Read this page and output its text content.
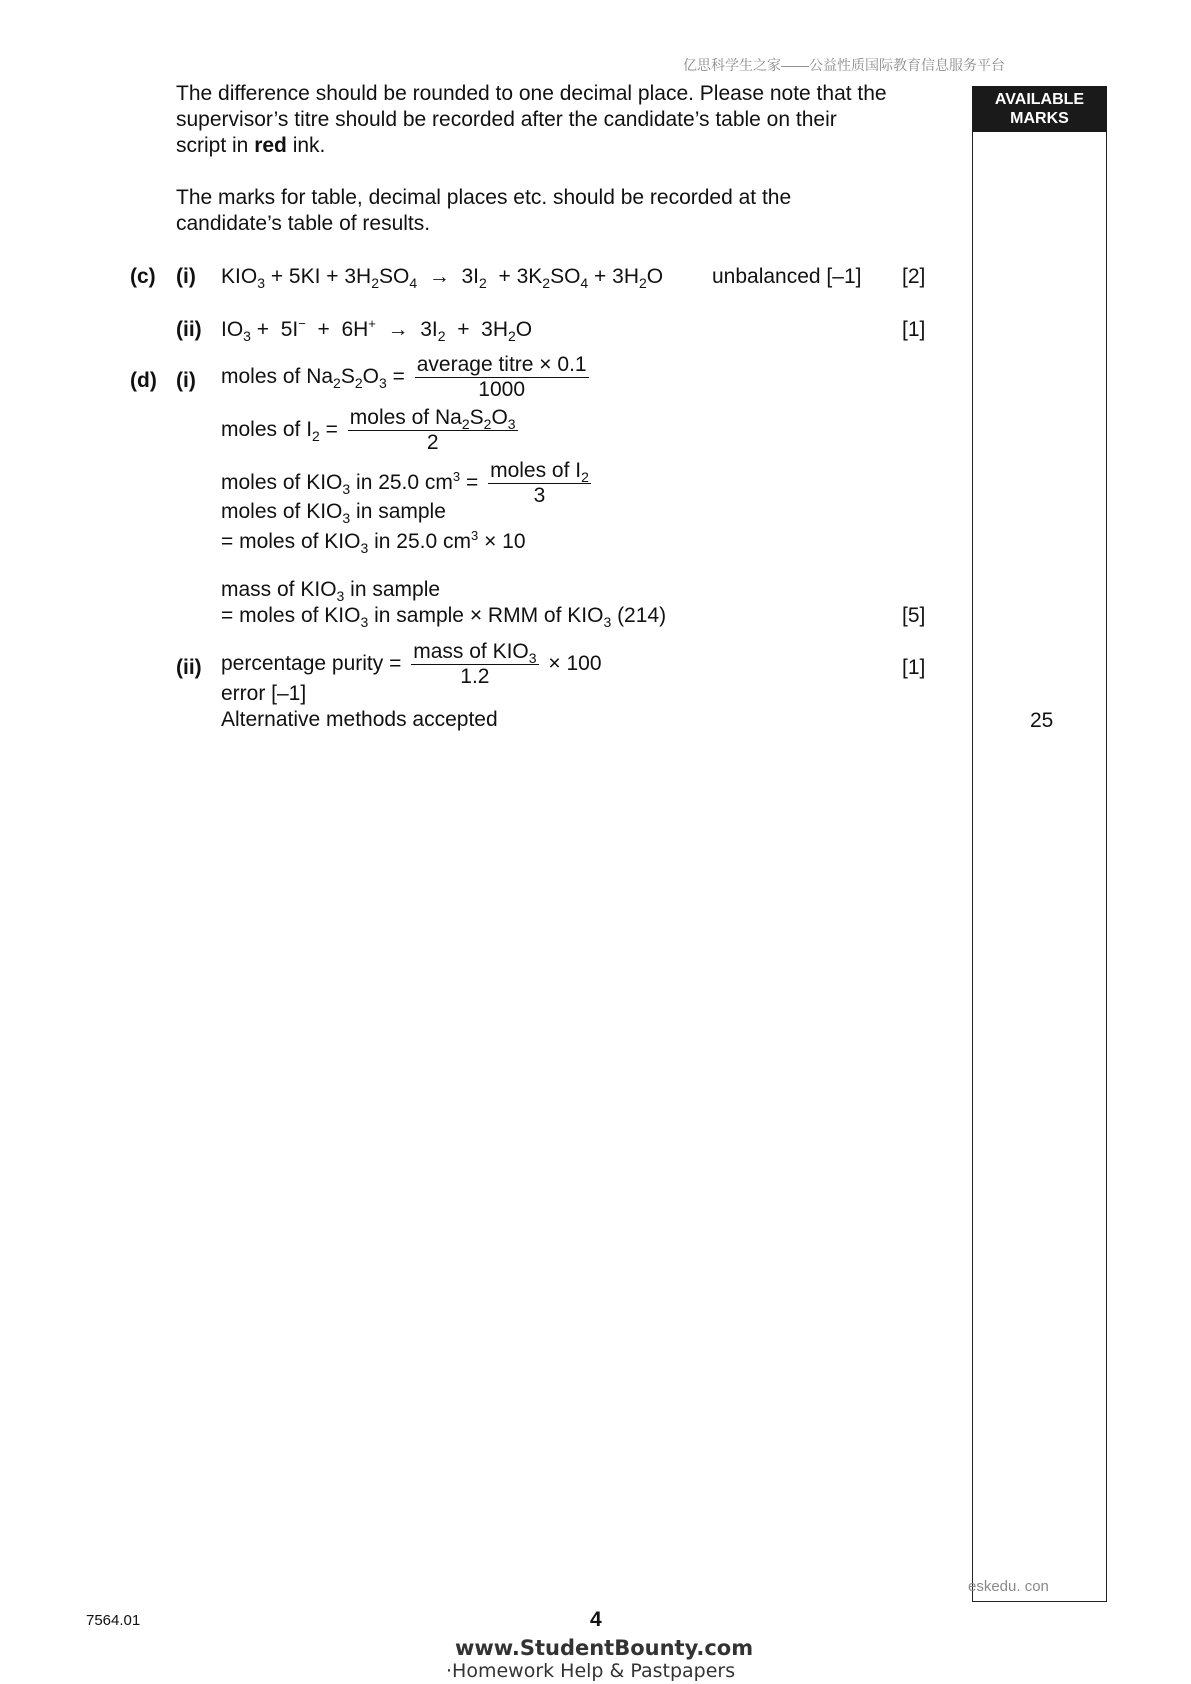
亿思科学生之家——公益性质国际教育信息服务平台
AVAILABLE
MARKS
25
The difference should be rounded to one decimal place. Please note that the
supervisor’s titre should be recorded after the candidate’s table on their
script in red ink.
The marks for table, decimal places etc. should be recorded at the
candidate’s table of results.
(c) (i) $KIO_3 + 5KI + 3H_2SO_4 \to 3I_2 + 3K_2SO_4 + 3H_2O$ unbalanced [–1] [2]
(ii) $IO_3 + 5I^- + 6H^+ \to 3I_2 + 3H_2O$	[1]
(d) (i) moles of $Na_2S_2O_3 = \frac{\text{average titre × 0.1}}{1000}$
moles of $I_2 = \frac{moles of Na_2S_2O_3}{2}$
moles of $KIO_3$ in 25.0 $cm^3 = \frac{moles of I_2}{3}$
moles of $KIO_3$ in sample
= moles of $KIO_3$ in 25.0 $cm^3 \times 10$
mass of $KIO_3$ in sample
= moles of $KIO_3$ in sample × RMM of $KIO_3$ (214)	[5]
(ii) percentage purity = $\frac{mass of KIO_3}{1.2} \times 100$	[1]
error [–1]
Alternative methods accepted
eskedu. con
7564.01	4
www.StudentBounty.com
·Homework Help & Pastpapers
